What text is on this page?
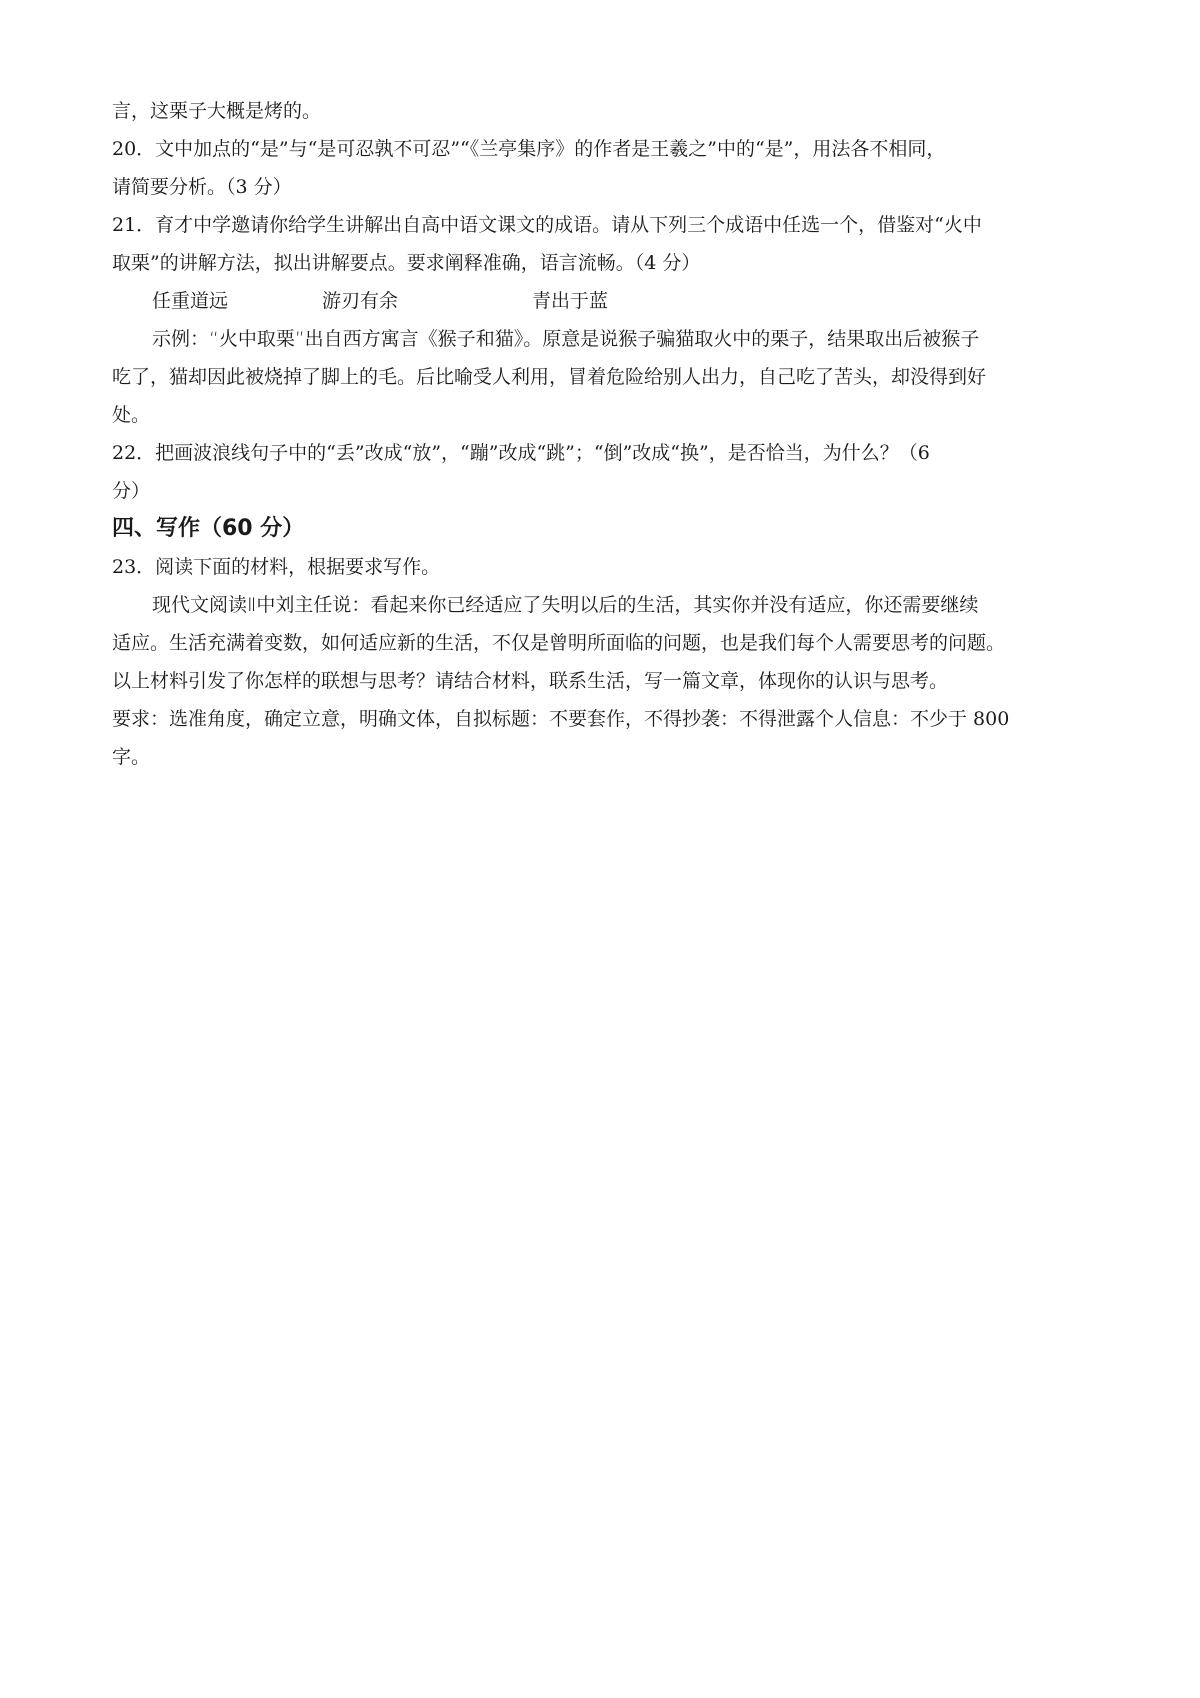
言，这栗子大概是烤的。
20．文中加点的“是”与“是可忍孰不可忍”“《兰亭集序》的作者是王羲之”中的“是”，用法各不相同，
请简要分析。（3 分）
21．育才中学邀请你给学生讲解出自高中语文课文的成语。请从下列三个成语中任选一个，借鉴对“火中
取栗”的讲解方法，拟出讲解要点。要求阐释准确，语言流畅。（4 分）
任重道远	游刃有余	青出于蓝
示例：“火中取栗”出自西方寓言《猴子和猫》。原意是说猴子骗猫取火中的栗子，结果取出后被猴子
吃了，猫却因此被烧掉了脚上的毛。后比喻受人利用，冒着危险给别人出力，自己吃了苦头，却没得到好
处。
22．把画波浪线句子中的“丢”改成“放”，“蹦”改成“跳”；“倒”改成“换”，是否恰当，为什么？（6
分）
四、写作（60 分）
23．阅读下面的材料，根据要求写作。
现代文阅读Ⅱ中刘主任说：看起来你已经适应了失明以后的生活，其实你并没有适应，你还需要继续
适应。生活充满着变数，如何适应新的生活，不仅是曾明所面临的问题，也是我们每个人需要思考的问题。
以上材料引发了你怎样的联想与思考？请结合材料，联系生活，写一篇文章，体现你的认识与思考。
要求：选准角度，确定立意，明确文体，自拟标题：不要套作，不得抄袭：不得泄露个人信息：不少于 800
字。
